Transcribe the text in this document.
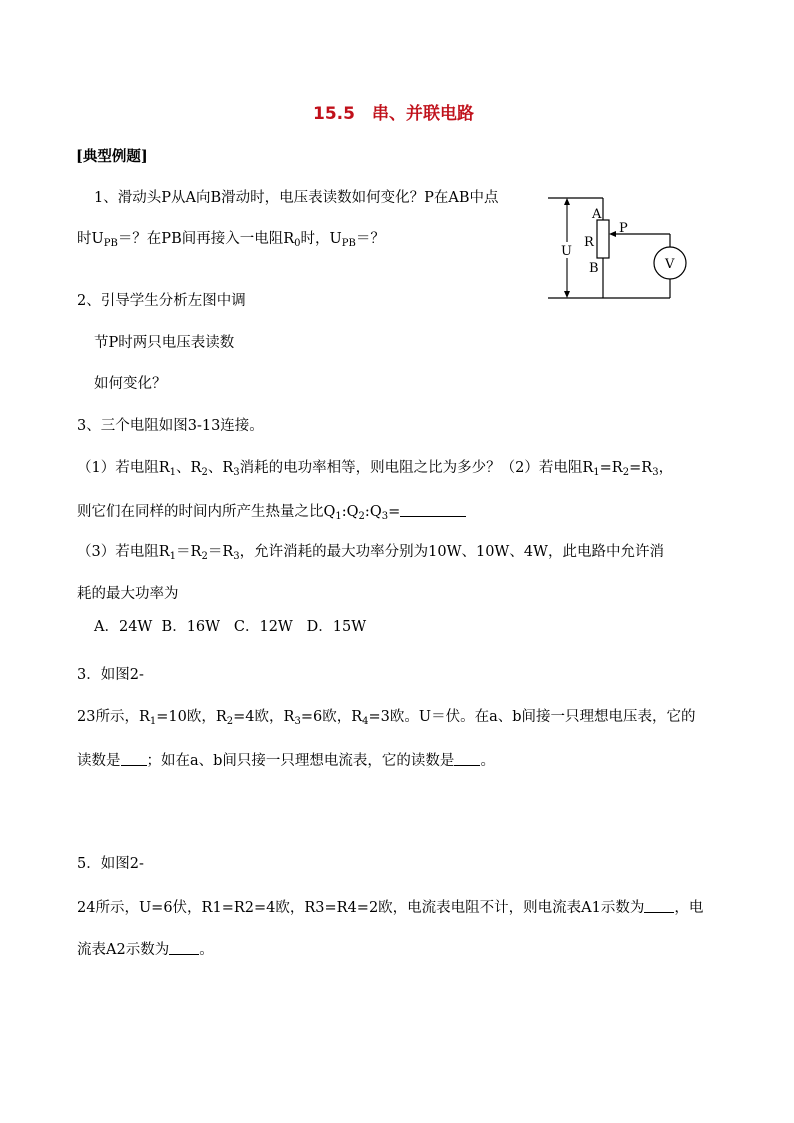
15.5　串、并联电路
[典型例题]
1、滑动头P从A向B滑动时，电压表读数如何变化？P在AB中点
时$U_{PB}=$？在PB间再接入一电阻$R_0$时，$U_{PB}=$？
2、引导学生分析左图中调
节P时两只电压表读数
如何变化？
3、三个电阻如图3-13连接。
（1）若电阻$R_1$、$R_2$、$R_3$消耗的电功率相等，则电阻之比为多少？（2）若电阻$R_1=R_2=R_3$，
则它们在同样的时间内所产生热量之比$Q_1:Q_2:Q_3=$
（3）若电阻$R_1=R_2=R_3$，允许消耗的最大功率分别为10W、10W、4W，此电路中允许消
耗的最大功率为
A．24W  B．16W   C．12W   D．15W
3．如图2-
23所示，$R_1=10$欧，$R_2=4$欧，$R_3=6$欧，$R_4=3$欧。U＝伏。在a、b间接一只理想电压表，它的
读数是 ；如在a、b间只接一只理想电流表，它的读数是 。
5．如图2-
24所示，U=6伏，R1=R2=4欧，R3=R4=2欧，电流表电阻不计，则电流表A1示数为 ，电
流表A2示数为 。
U
A
R
B
P
V
